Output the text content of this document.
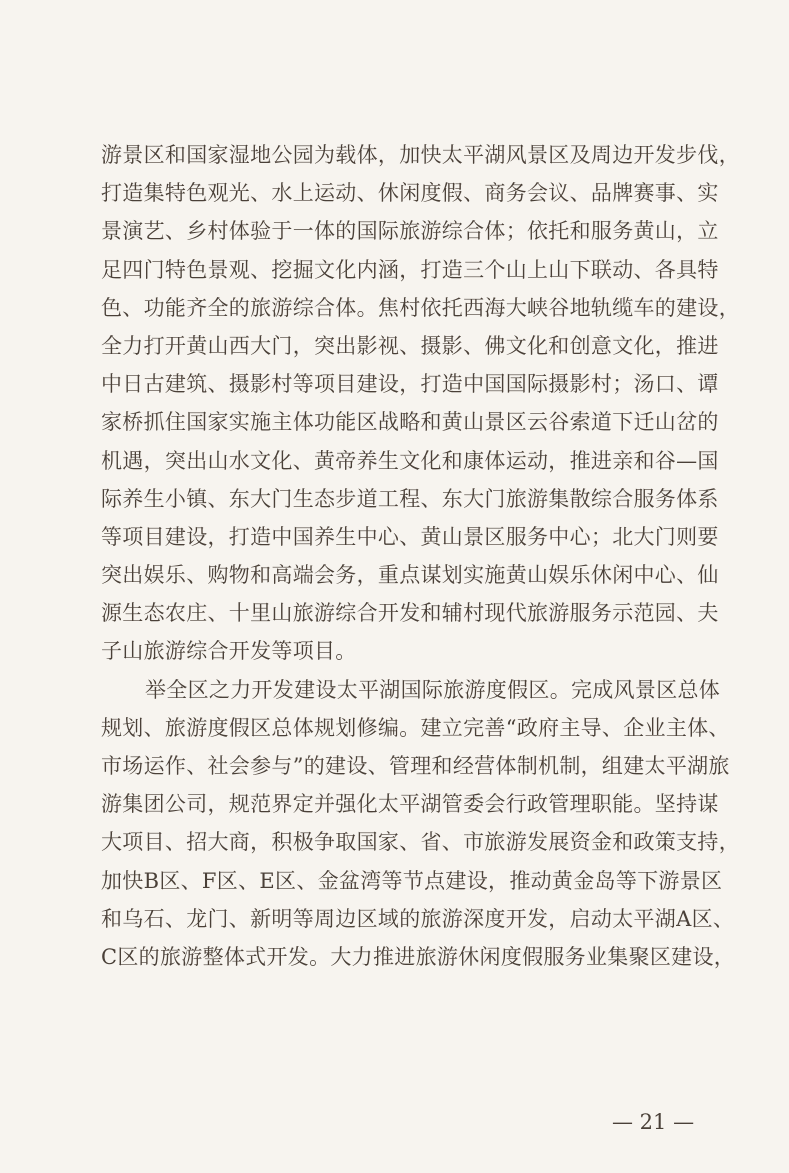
游景区和国家湿地公园为载体，加快太平湖风景区及周边开发步伐，
打造集特色观光、水上运动、休闲度假、商务会议、品牌赛事、实
景演艺、乡村体验于一体的国际旅游综合体；依托和服务黄山，立
足四门特色景观、挖掘文化内涵，打造三个山上山下联动、各具特
色、功能齐全的旅游综合体。焦村依托西海大峡谷地轨缆车的建设，
全力打开黄山西大门，突出影视、摄影、佛文化和创意文化，推进
中日古建筑、摄影村等项目建设，打造中国国际摄影村；汤口、谭
家桥抓住国家实施主体功能区战略和黄山景区云谷索道下迁山岔的
机遇，突出山水文化、黄帝养生文化和康体运动，推进亲和谷—国
际养生小镇、东大门生态步道工程、东大门旅游集散综合服务体系
等项目建设，打造中国养生中心、黄山景区服务中心；北大门则要
突出娱乐、购物和高端会务，重点谋划实施黄山娱乐休闲中心、仙
源生态农庄、十里山旅游综合开发和辅村现代旅游服务示范园、夫
子山旅游综合开发等项目。
举全区之力开发建设太平湖国际旅游度假区。完成风景区总体
规划、旅游度假区总体规划修编。建立完善“政府主导、企业主体、
市场运作、社会参与”的建设、管理和经营体制机制，组建太平湖旅
游集团公司，规范界定并强化太平湖管委会行政管理职能。坚持谋
大项目、招大商，积极争取国家、省、市旅游发展资金和政策支持，
加快B区、F区、E区、金盆湾等节点建设，推动黄金岛等下游景区
和乌石、龙门、新明等周边区域的旅游深度开发，启动太平湖A区、
C区的旅游整体式开发。大力推进旅游休闲度假服务业集聚区建设，
— 21 —
